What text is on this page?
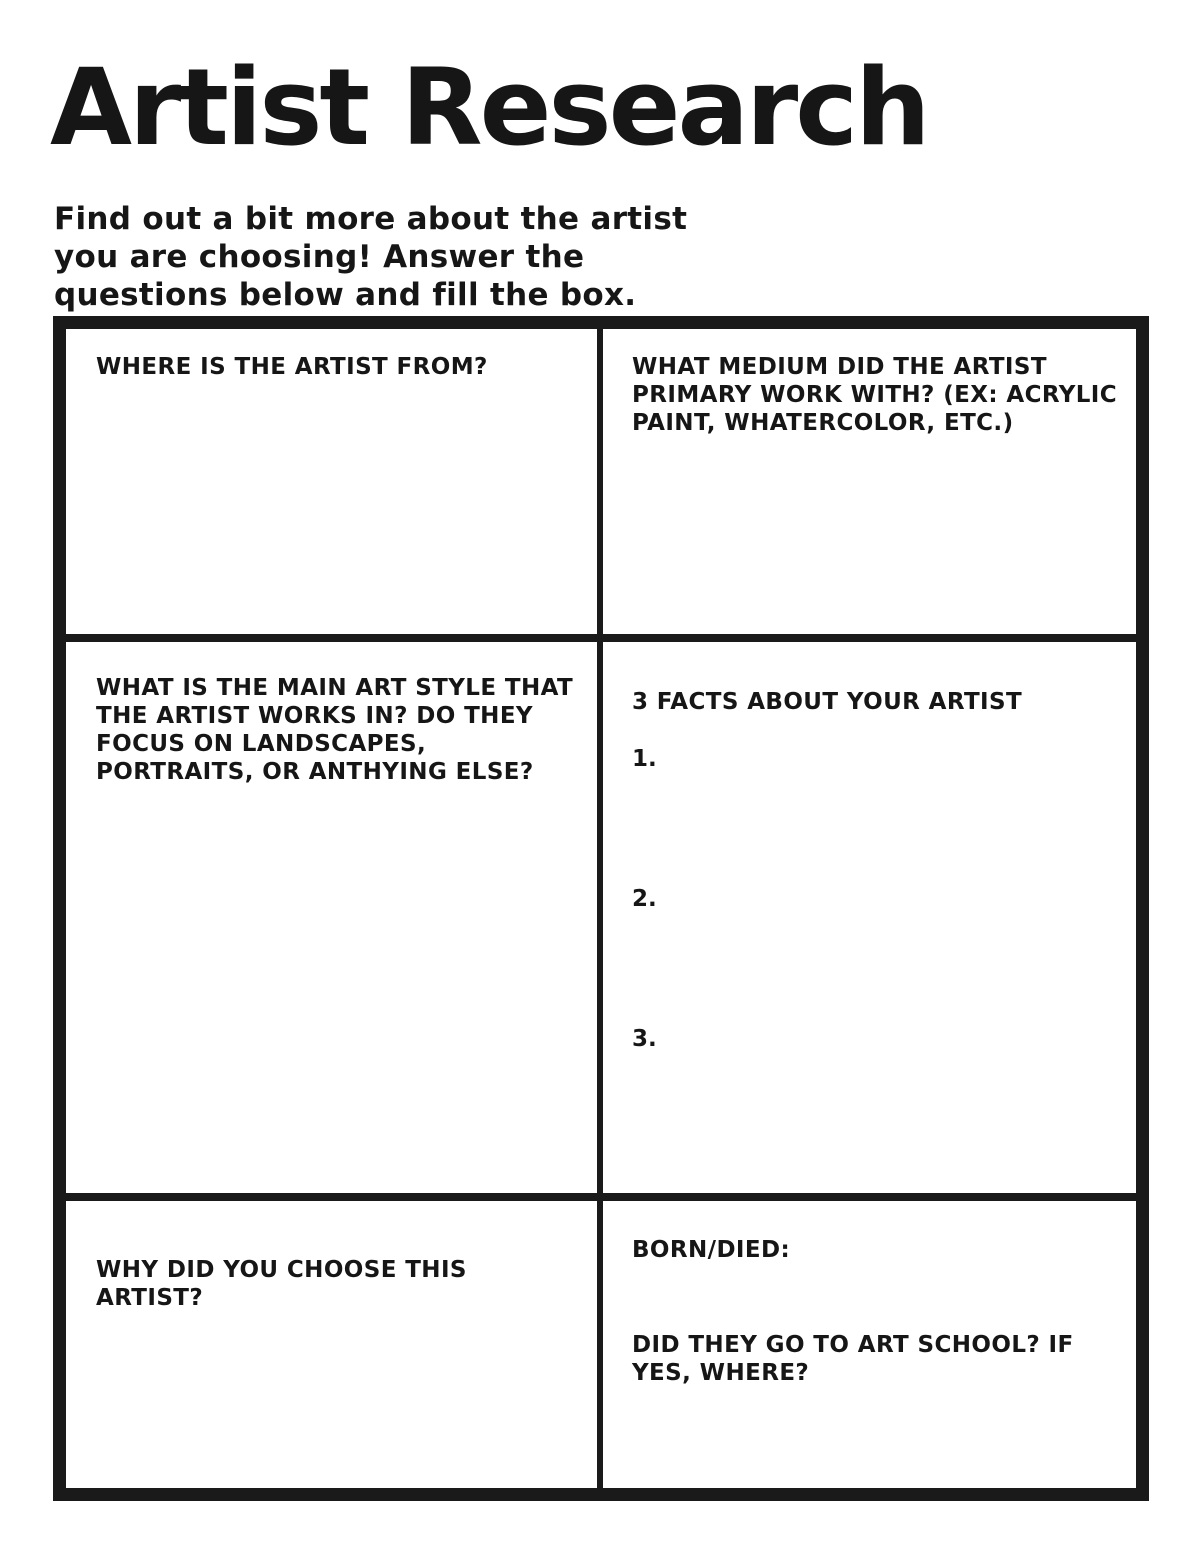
Artist Research

Find out a bit more about the artist you are choosing! Answer the questions below and fill the box.

WHERE IS THE ARTIST FROM?	WHAT MEDIUM DID THE ARTIST PRIMARY WORK WITH? (EX: ACRYLIC PAINT, WHATERCOLOR, ETC.)

WHAT IS THE MAIN ART STYLE THAT THE ARTIST WORKS IN? DO THEY FOCUS ON LANDSCAPES, PORTRAITS, OR ANTHYING ELSE?

3 FACTS ABOUT YOUR ARTIST

1.

2.

3.

WHY DID YOU CHOOSE THIS ARTIST?

BORN/DIED:

DID THEY GO TO ART SCHOOL? IF YES, WHERE?
